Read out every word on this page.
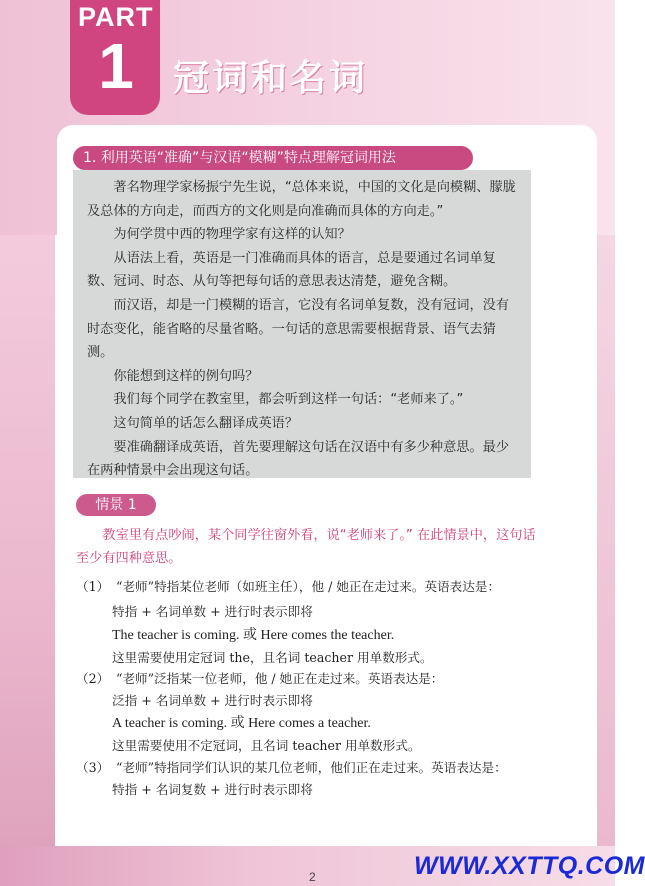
PART
1	冠词和名词
1. 利用英语“准确”与汉语“模糊”特点理解冠词用法

著名物理学家杨振宁先生说，“总体来说，中国的文化是向模糊、朦胧及总体的方向走，而西方的文化则是向准确而具体的方向走。”

为何学贯中西的物理学家有这样的认知？

从语法上看，英语是一门准确而具体的语言，总是要通过名词单复数、冠词、时态、从句等把每句话的意思表达清楚，避免含糊。

而汉语，却是一门模糊的语言，它没有名词单复数，没有冠词，没有时态变化，能省略的尽量省略。一句话的意思需要根据背景、语气去猜测。

你能想到这样的例句吗？

我们每个同学在教室里，都会听到这样一句话：“老师来了。”

这句简单的话怎么翻译成英语？

要准确翻译成英语，首先要理解这句话在汉语中有多少种意思。最少在两种情景中会出现这句话。

情景 1

教室里有点吵闹，某个同学往窗外看，说“老师来了。” 在此情景中，这句话至少有四种意思。

（1） “老师”特指某位老师（如班主任），他 / 她正在走过来。英语表达是：
特指 + 名词单数 + 进行时表示即将
The teacher is coming. 或 Here comes the teacher.
这里需要使用定冠词 the，且名词 teacher 用单数形式。
（2） “老师”泛指某一位老师，他 / 她正在走过来。英语表达是：
泛指 + 名词单数 + 进行时表示即将
A teacher is coming. 或 Here comes a teacher.
这里需要使用不定冠词，且名词 teacher 用单数形式。
（3） “老师”特指同学们认识的某几位老师，他们正在走过来。英语表达是：
特指 + 名词复数 + 进行时表示即将
2	WWW.XXTTQ.COM
